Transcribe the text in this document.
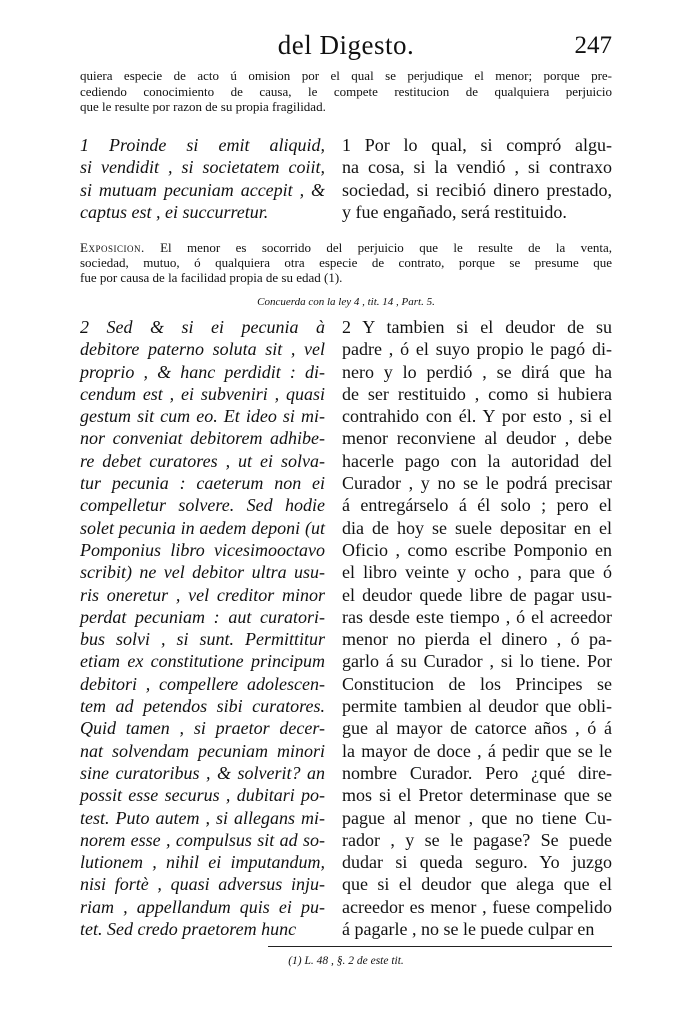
del Digesto.	247
quiera especie de acto ú omision por el qual se perjudique el menor; porque pre-
cediendo conocimiento de causa, le compete restitucion de qualquiera perjuicio
que le resulte por razon de su propia fragilidad.
1 Proinde si emit aliquid,
si vendidit , si societatem coiit,
si mutuam pecuniam accepit , &
captus est , ei succurretur.
1 Por lo qual, si compró algu-
na cosa, si la vendió , si contraxo
sociedad, si recibió dinero prestado,
y fue engañado, será restituido.
Exposicion. El menor es socorrido del perjuicio que le resulte de la venta,
sociedad, mutuo, ó qualquiera otra especie de contrato, porque se presume que
fue por causa de la facilidad propia de su edad (1).
Concuerda con la ley 4 , tit. 14 , Part. 5.
2 Sed & si ei pecunia à
debitore paterno soluta sit , vel
proprio , & hanc perdidit : di-
cendum est , ei subveniri , quasi
gestum sit cum eo. Et ideo si mi-
nor conveniat debitorem adhibe-
re debet curatores , ut ei solva-
tur pecunia : caeterum non ei
compelletur solvere. Sed hodie
solet pecunia in aedem deponi (ut
Pomponius libro vicesimooctavo
scribit) ne vel debitor ultra usu-
ris oneretur , vel creditor minor
perdat pecuniam : aut curatori-
bus solvi , si sunt. Permittitur
etiam ex constitutione principum
debitori , compellere adolescen-
tem ad petendos sibi curatores.
Quid tamen , si praetor decer-
nat solvendam pecuniam minori
sine curatoribus , & solverit? an
possit esse securus , dubitari po-
test. Puto autem , si allegans mi-
norem esse , compulsus sit ad so-
lutionem , nihil ei imputandum,
nisi fortè , quasi adversus inju-
riam , appellandum quis ei pu-
tet. Sed credo praetorem hunc
2 Y tambien si el deudor de su
padre , ó el suyo propio le pagó di-
nero y lo perdió , se dirá que ha
de ser restituido , como si hubiera
contrahido con él. Y por esto , si el
menor reconviene al deudor , debe
hacerle pago con la autoridad del
Curador , y no se le podrá precisar
á entregárselo á él solo ; pero el
dia de hoy se suele depositar en el
Oficio , como escribe Pomponio en
el libro veinte y ocho , para que ó
el deudor quede libre de pagar usu-
ras desde este tiempo , ó el acreedor
menor no pierda el dinero , ó pa-
garlo á su Curador , si lo tiene. Por
Constitucion de los Principes se
permite tambien al deudor que obli-
gue al mayor de catorce años , ó á
la mayor de doce , á pedir que se le
nombre Curador. Pero ¿qué dire-
mos si el Pretor determinase que se
pague al menor , que no tiene Cu-
rador , y se le pagase? Se puede
dudar si queda seguro. Yo juzgo
que si el deudor que alega que el
acreedor es menor , fuese compelido
á pagarle , no se le puede culpar en
(1) L. 48 , §. 2 de este tit.
